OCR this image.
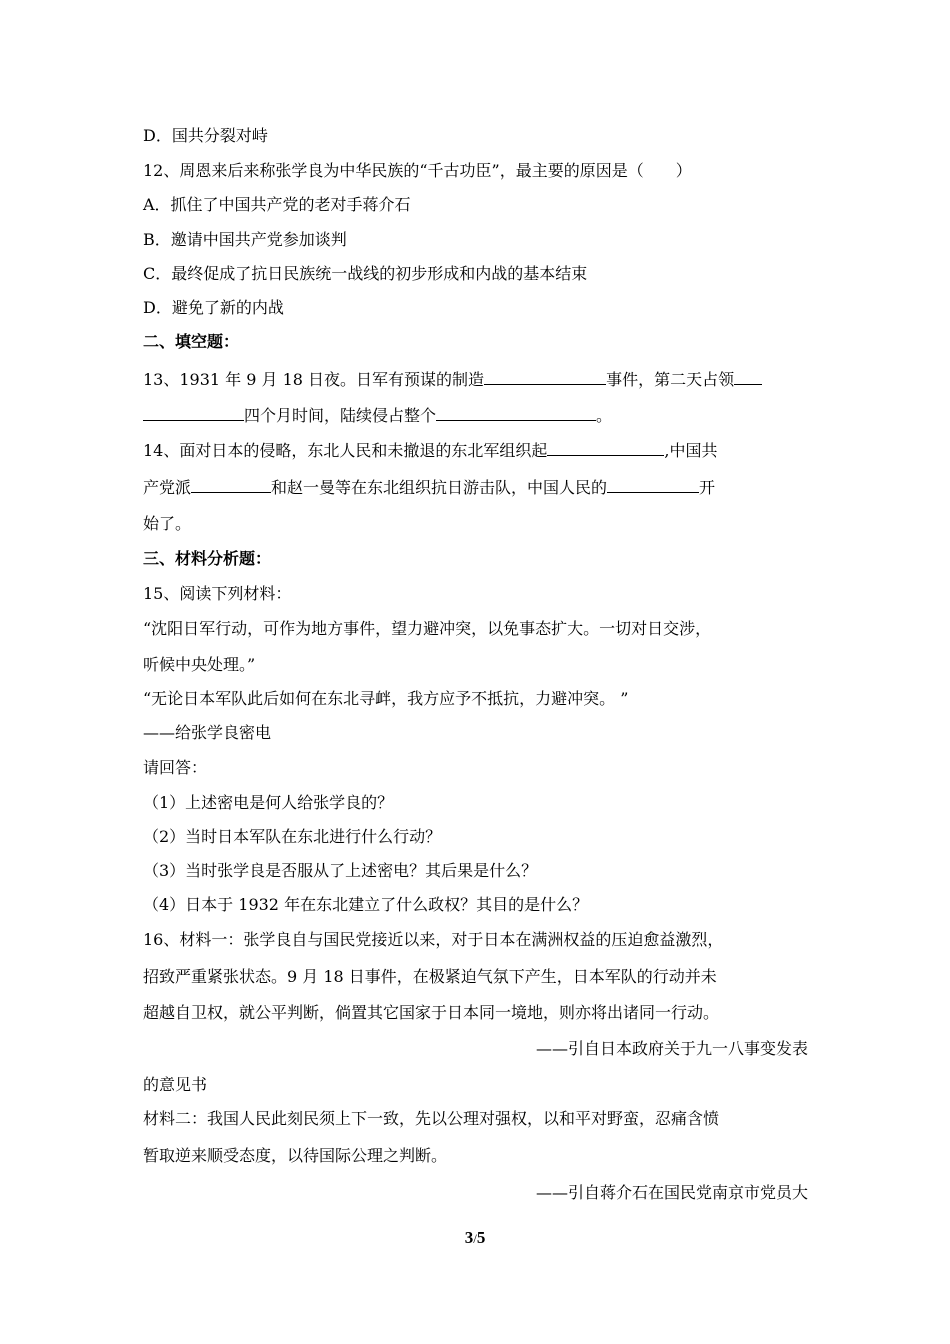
D．国共分裂对峙
12、周恩来后来称张学良为中华民族的“千古功臣”，最主要的原因是（　　）
A．抓住了中国共产党的老对手蒋介石
B．邀请中国共产党参加谈判
C．最终促成了抗日民族统一战线的初步形成和内战的基本结束
D．避免了新的内战
二、填空题：
13、1931 年 9 月 18 日夜。日军有预谋的制造	事件，第二天占领
四个月时间，陆续侵占整个	。
14、面对日本的侵略，东北人民和未撤退的东北军组织起	,中国共
产党派	和赵一曼等在东北组织抗日游击队，中国人民的	开
始了。
三、材料分析题：
15、阅读下列材料：
“沈阳日军行动，可作为地方事件，望力避冲突，以免事态扩大。一切对日交涉，
听候中央处理。”
“无论日本军队此后如何在东北寻衅，我方应予不抵抗，力避冲突。 ”
——给张学良密电
请回答：
（1）上述密电是何人给张学良的？
（2）当时日本军队在东北进行什么行动？
（3）当时张学良是否服从了上述密电？其后果是什么？
（4）日本于 1932 年在东北建立了什么政权？其目的是什么？
16、材料一：张学良自与国民党接近以来，对于日本在满洲权益的压迫愈益激烈，
招致严重紧张状态。9 月 18 日事件，在极紧迫气氛下产生，日本军队的行动并未
超越自卫权，就公平判断，倘置其它国家于日本同一境地，则亦将出诸同一行动。
——引自日本政府关于九一八事变发表
的意见书
材料二：我国人民此刻民须上下一致，先以公理对强权，以和平对野蛮，忍痛含愤
暂取逆来顺受态度，以待国际公理之判断。
——引自蒋介石在国民党南京市党员大
3/5
